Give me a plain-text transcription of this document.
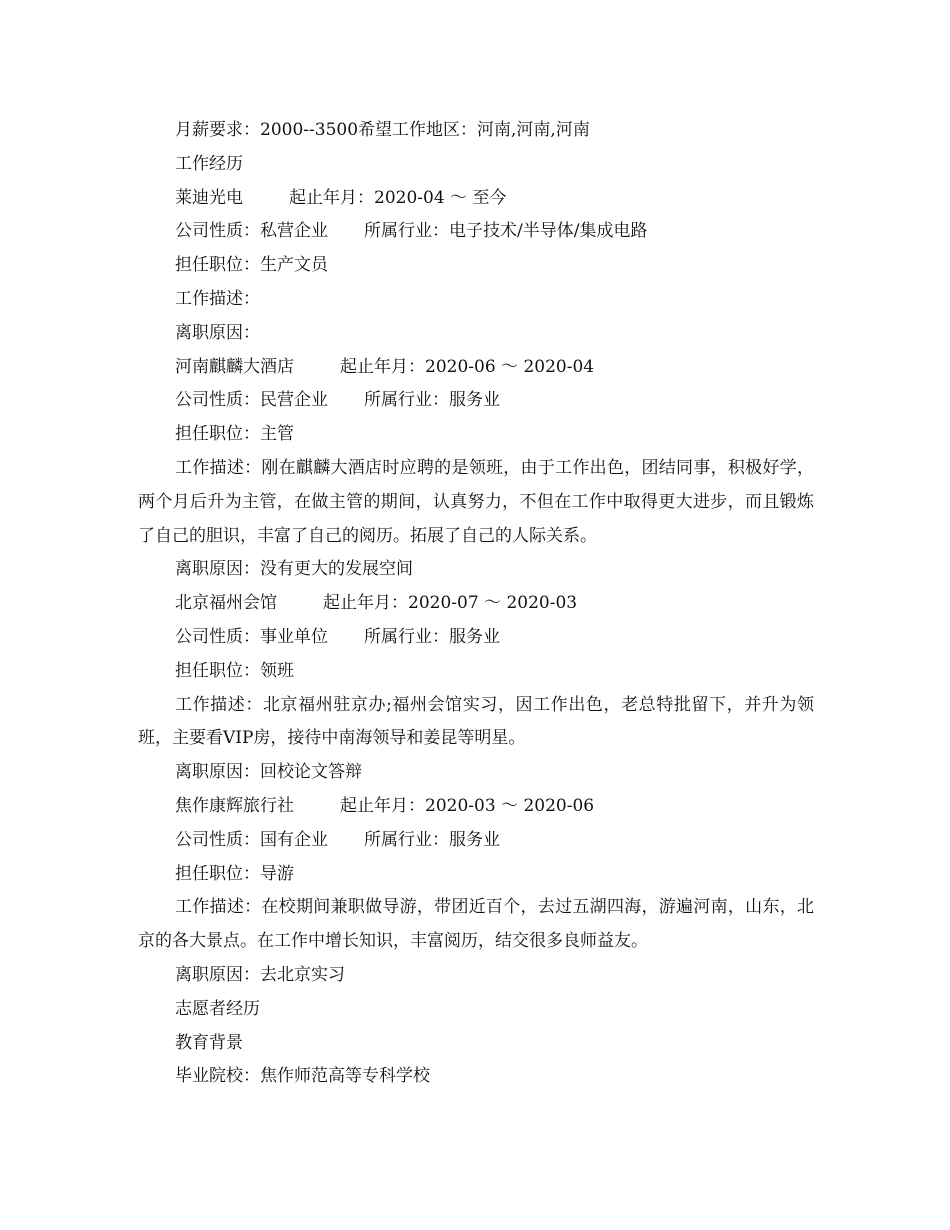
月薪要求：2000--3500希望工作地区：河南,河南,河南
工作经历
莱迪光电	起止年月：2020-04 ～ 至今
公司性质：私营企业 所属行业：电子技术/半导体/集成电路
担任职位：生产文员
工作描述：
离职原因：
河南麒麟大酒店	起止年月：2020-06 ～ 2020-04
公司性质：民营企业 所属行业：服务业
担任职位：主管
工作描述：刚在麒麟大酒店时应聘的是领班，由于工作出色，团结同事，积极好学，两个月后升为主管，在做主管的期间，认真努力，不但在工作中取得更大进步，而且锻炼了自己的胆识，丰富了自己的阅历。拓展了自己的人际关系。
离职原因：没有更大的发展空间
北京福州会馆	起止年月：2020-07 ～ 2020-03
公司性质：事业单位 所属行业：服务业
担任职位：领班
工作描述：北京福州驻京办;福州会馆实习，因工作出色，老总特批留下，并升为领班，主要看VIP房，接待中南海领导和姜昆等明星。
离职原因：回校论文答辩
焦作康辉旅行社	起止年月：2020-03 ～ 2020-06
公司性质：国有企业 所属行业：服务业
担任职位：导游
工作描述：在校期间兼职做导游，带团近百个，去过五湖四海，游遍河南，山东，北京的各大景点。在工作中增长知识，丰富阅历，结交很多良师益友。
离职原因：去北京实习
志愿者经历
教育背景
毕业院校：焦作师范高等专科学校
